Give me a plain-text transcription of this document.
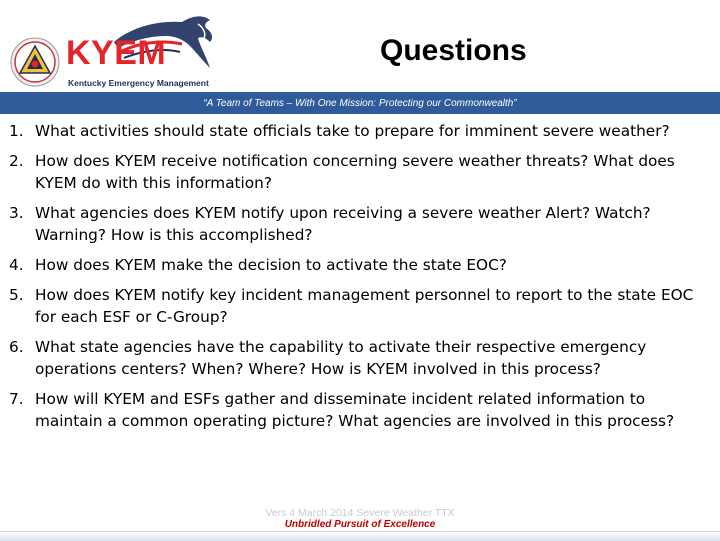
KYEM
Kentucky Emergency Management
Questions
“A Team of Teams – With One Mission: Protecting our Commonwealth”
1. What activities should state officials take to prepare for imminent severe weather?
2. How does KYEM receive notification concerning severe weather threats? What does KYEM do with this information?
3. What agencies does KYEM notify upon receiving a severe weather Alert? Watch? Warning? How is this accomplished?
4. How does KYEM make the decision to activate the state EOC?
5. How does KYEM notify key incident management personnel to report to the state EOC for each ESF or C-Group?
6. What state agencies have the capability to activate their respective emergency operations centers? When? Where? How is KYEM involved in this process?
7. How will KYEM and ESFs gather and disseminate incident related information to maintain a common operating picture? What agencies are involved in this process?
Vers 4 March 2014 Severe Weather TTX
Unbridled Pursuit of Excellence
